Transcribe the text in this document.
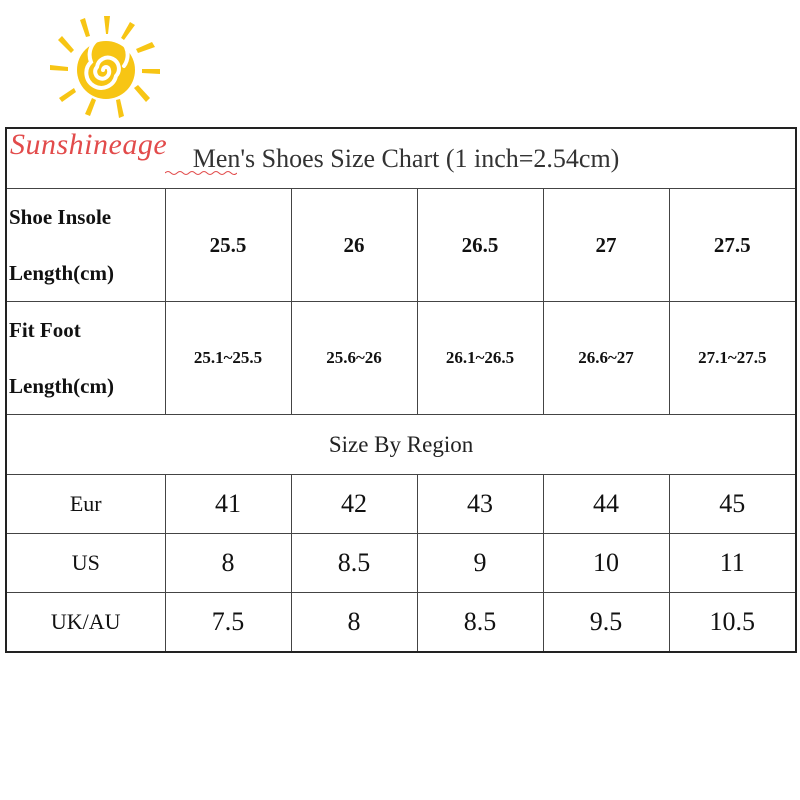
Sunshineage Men's Shoes Size Chart (1 inch=2.54cm)					

Shoe Insole
Length(cm)	25.5	26	26.5	27	27.5

Fit Foot
Length(cm)	25.1~25.5	25.6~26	26.1~26.5	26.6~27	27.1~27.5
Size By Region					
Eur	41	42	43	44	45
US	8	8.5	9	10	11
UK/AU	7.5	8	8.5	9.5	10.5
